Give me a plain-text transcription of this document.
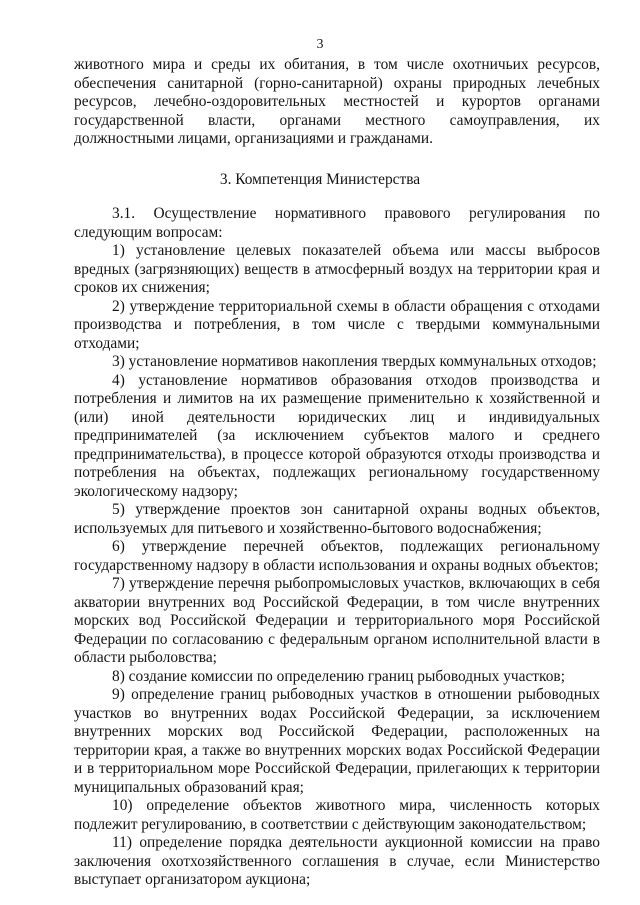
3

животного мира и среды их обитания, в том числе охотничьих ресурсов, обеспечения санитарной (горно-санитарной) охраны природных лечебных ресурсов, лечебно-оздоровительных местностей и курортов органами государственной власти, органами местного самоуправления, их должностными лицами, организациями и гражданами.

3. Компетенция Министерства

3.1. Осуществление нормативного правового регулирования по следующим вопросам:

1) установление целевых показателей объема или массы выбросов вредных (загрязняющих) веществ в атмосферный воздух на территории края и сроков их снижения;

2) утверждение территориальной схемы в области обращения с отходами производства и потребления, в том числе с твердыми коммунальными отходами;

3) установление нормативов накопления твердых коммунальных отходов;

4) установление нормативов образования отходов производства и потребления и лимитов на их размещение применительно к хозяйственной и (или) иной деятельности юридических лиц и индивидуальных предпринимателей (за исключением субъектов малого и среднего предпринимательства), в процессе которой образуются отходы производства и потребления на объектах, подлежащих региональному государственному экологическому надзору;

5) утверждение проектов зон санитарной охраны водных объектов, используемых для питьевого и хозяйственно-бытового водоснабжения;

6) утверждение перечней объектов, подлежащих региональному государственному надзору в области использования и охраны водных объектов;

7) утверждение перечня рыбопромысловых участков, включающих в себя акватории внутренних вод Российской Федерации, в том числе внутренних морских вод Российской Федерации и территориального моря Российской Федерации по согласованию с федеральным органом исполнительной власти в области рыболовства;

8) создание комиссии по определению границ рыбоводных участков;

9) определение границ рыбоводных участков в отношении рыбоводных участков во внутренних водах Российской Федерации, за исключением внутренних морских вод Российской Федерации, расположенных на территории края, а также во внутренних морских водах Российской Федерации и в территориальном море Российской Федерации, прилегающих к территории муниципальных образований края;

10) определение объектов животного мира, численность которых подлежит регулированию, в соответствии с действующим законодательством;

11) определение порядка деятельности аукционной комиссии на право заключения охотхозяйственного соглашения в случае, если Министерство выступает организатором аукциона;
